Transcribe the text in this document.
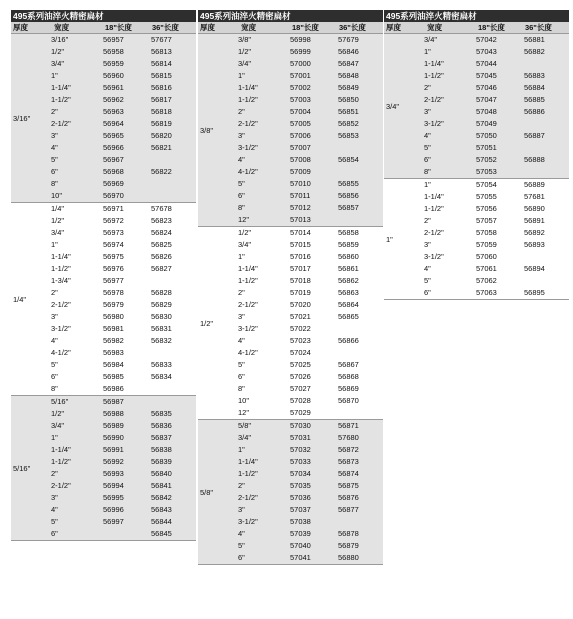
495系列油淬火精密扁材
厚度	宽度	18"长度	36"长度
3/16"
3/16"	56957	57677
1/2"	56958	56813
3/4"	56959	56814
1"	56960	56815
1-1/4"	56961	56816
1-1/2"	56962	56817
2"	56963	56818
2-1/2"	56964	56819
3"	56965	56820
4"	56966	56821
5"	56967
6"	56968	56822
8"	56969
10"	56970
1/4"
1/4"	56971	57678
1/2"	56972	56823
3/4"	56973	56824
1"	56974	56825
1-1/4"	56975	56826
1-1/2"	56976	56827
1-3/4"	56977
2"	56978	56828
2-1/2"	56979	56829
3"	56980	56830
3-1/2"	56981	56831
4"	56982	56832
4-1/2"	56983
5"	56984	56833
6"	56985	56834
8"	56986
5/16"
5/16"	56987
1/2"	56988	56835
3/4"	56989	56836
1"	56990	56837
1-1/4"	56991	56838
1-1/2"	56992	56839
2"	56993	56840
2-1/2"	56994	56841
3"	56995	56842
4"	56996	56843
5"	56997	56844
6"	56845
495系列油淬火精密扁材
厚度	宽度	18"长度	36"长度
3/8"
3/8"	56998	57679
1/2"	56999	56846
3/4"	57000	56847
1"	57001	56848
1-1/4"	57002	56849
1-1/2"	57003	56850
2"	57004	56851
2-1/2"	57005	56852
3"	57006	56853
3-1/2"	57007
4"	57008	56854
4-1/2"	57009
5"	57010	56855
6"	57011	56856
8"	57012	56857
12"	57013
1/2"
1/2"	57014	56858
3/4"	57015	56859
1"	57016	56860
1-1/4"	57017	56861
1-1/2"	57018	56862
2"	57019	56863
2-1/2"	57020	56864
3"	57021	56865
3-1/2"	57022
4"	57023	56866
4-1/2"	57024
5"	57025	56867
6"	57026	56868
8"	57027	56869
10"	57028	56870
12"	57029
5/8"
5/8"	57030	56871
3/4"	57031	57680
1"	57032	56872
1-1/4"	57033	56873
1-1/2"	57034	56874
2"	57035	56875
2-1/2"	57036	56876
3"	57037	56877
3-1/2"	57038
4"	57039	56878
5"	57040	56879
6"	57041	56880
495系列油淬火精密扁材
厚度	宽度	18"长度	36"长度
3/4"
3/4"	57042	56881
1"	57043	56882
1-1/4"	57044
1-1/2"	57045	56883
2"	57046	56884
2-1/2"	57047	56885
3"	57048	56886
3-1/2"	57049
4"	57050	56887
5"	57051
6"	57052	56888
8"	57053
1"
1"	57054	56889
1-1/4"	57055	57681
1-1/2"	57056	56890
2"	57057	56891
2-1/2"	57058	56892
3"	57059	56893
3-1/2"	57060
4"	57061	56894
5"	57062
6"	57063	56895
